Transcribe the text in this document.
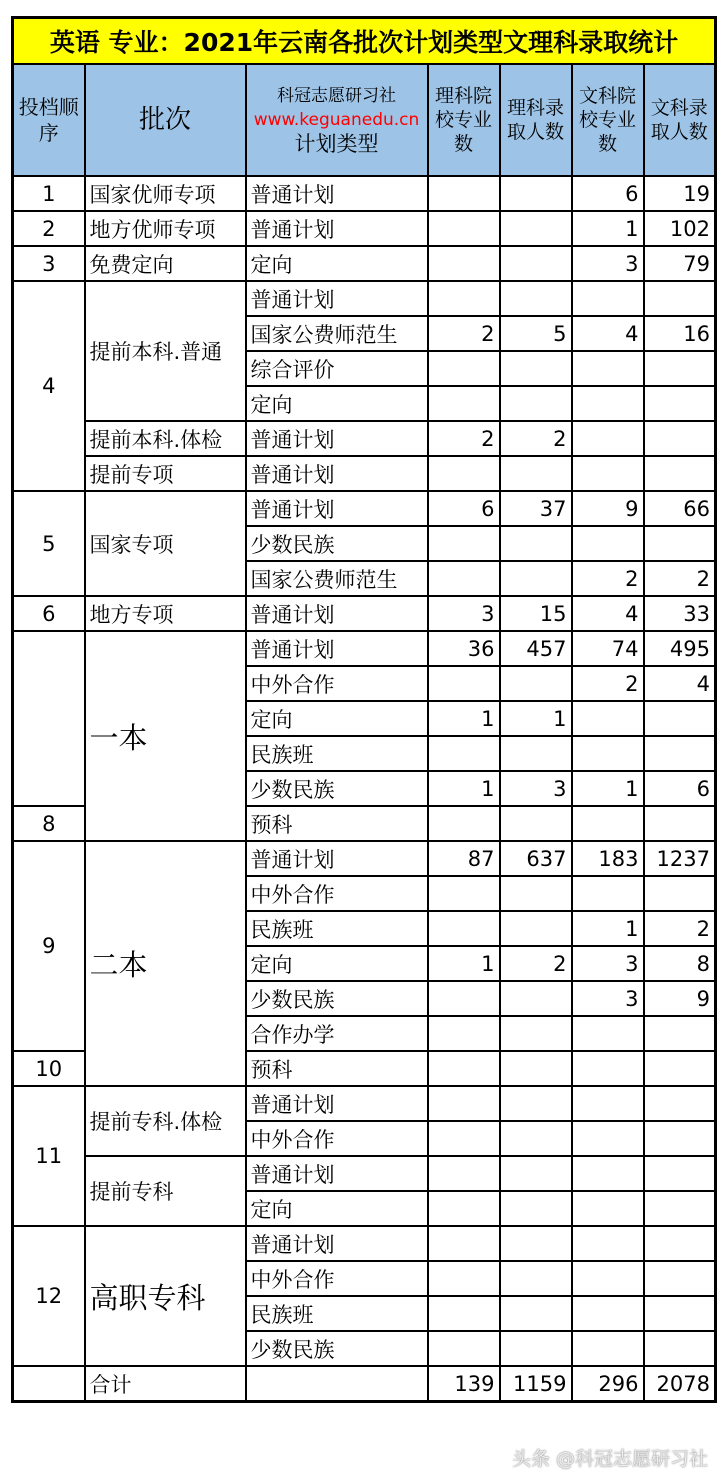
英语 专业：2021年云南各批次计划类型文理科录取统计						
投档顺序	批次	科冠志愿研习社
www.keguanedu.cn
计划类型	理科院校专业数	理科录取人数	文科院校专业数	文科录取人数
1	国家优师专项	普通计划			6	19
2	地方优师专项	普通计划			1	102
3	免费定向	定向			3	79
4	提前本科.普通	普通计划				
		国家公费师范生	2	5	4	16
		综合评价				
		定向				
	提前本科.体检	普通计划	2	2		
	提前专项	普通计划				
5	国家专项	普通计划	6	37	9	66
		少数民族				
		国家公费师范生			2	2
6	地方专项	普通计划	3	15	4	33
	一本	普通计划	36	457	74	495
		中外合作			2	4
		定向	1	1		
		民族班				
		少数民族	1	3	1	6
8		预科				
9	二本	普通计划	87	637	183	1237
		中外合作				
		民族班			1	2
		定向	1	2	3	8
		少数民族			3	9
		合作办学				
10		预科				
11	提前专科.体检	普通计划				
		中外合作				
	提前专科	普通计划				
		定向				
12	高职专科	普通计划				
		中外合作				
		民族班				
		少数民族				
	合计		139	1159	296	2078
头条 @科冠志愿研习社
